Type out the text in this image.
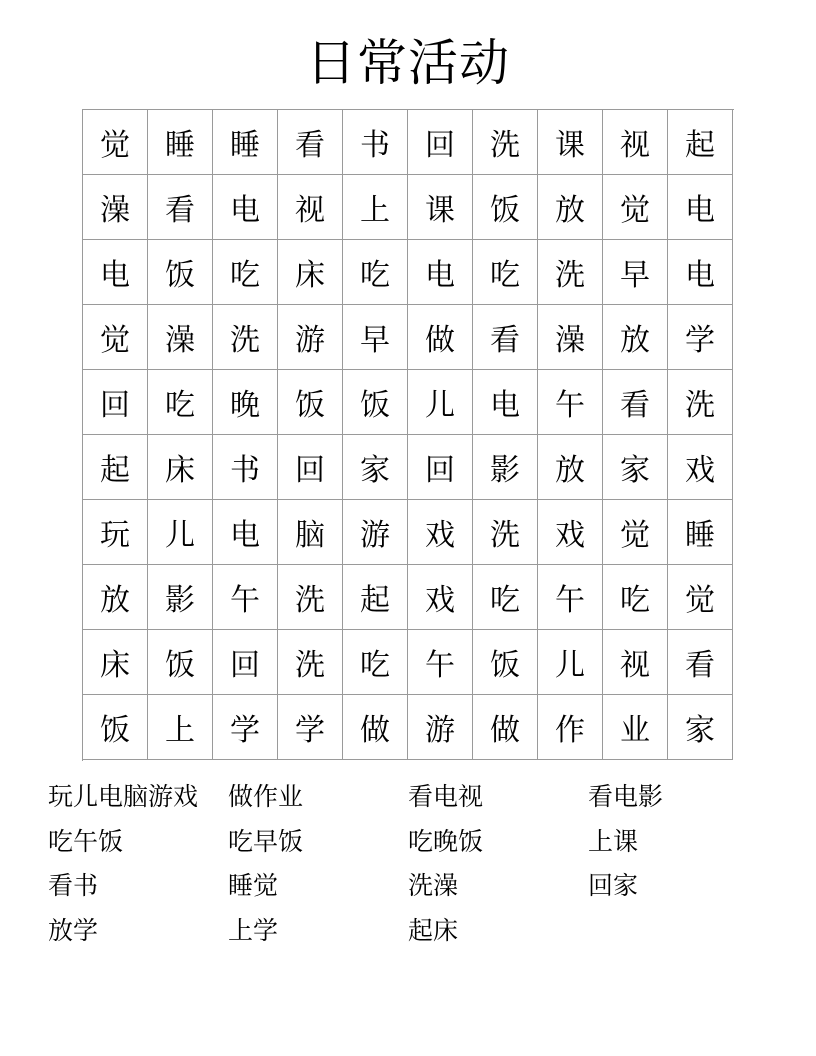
日常活动
觉	睡	睡	看	书	回	洗	课	视	起
澡	看	电	视	上	课	饭	放	觉	电
电	饭	吃	床	吃	电	吃	洗	早	电
觉	澡	洗	游	早	做	看	澡	放	学
回	吃	晚	饭	饭	儿	电	午	看	洗
起	床	书	回	家	回	影	放	家	戏
玩	儿	电	脑	游	戏	洗	戏	觉	睡
放	影	午	洗	起	戏	吃	午	吃	觉
床	饭	回	洗	吃	午	饭	儿	视	看
饭	上	学	学	做	游	做	作	业	家
玩儿电脑游戏	做作业	看电视	看电影
吃午饭	吃早饭	吃晚饭	上课
看书	睡觉	洗澡	回家
放学	上学	起床
